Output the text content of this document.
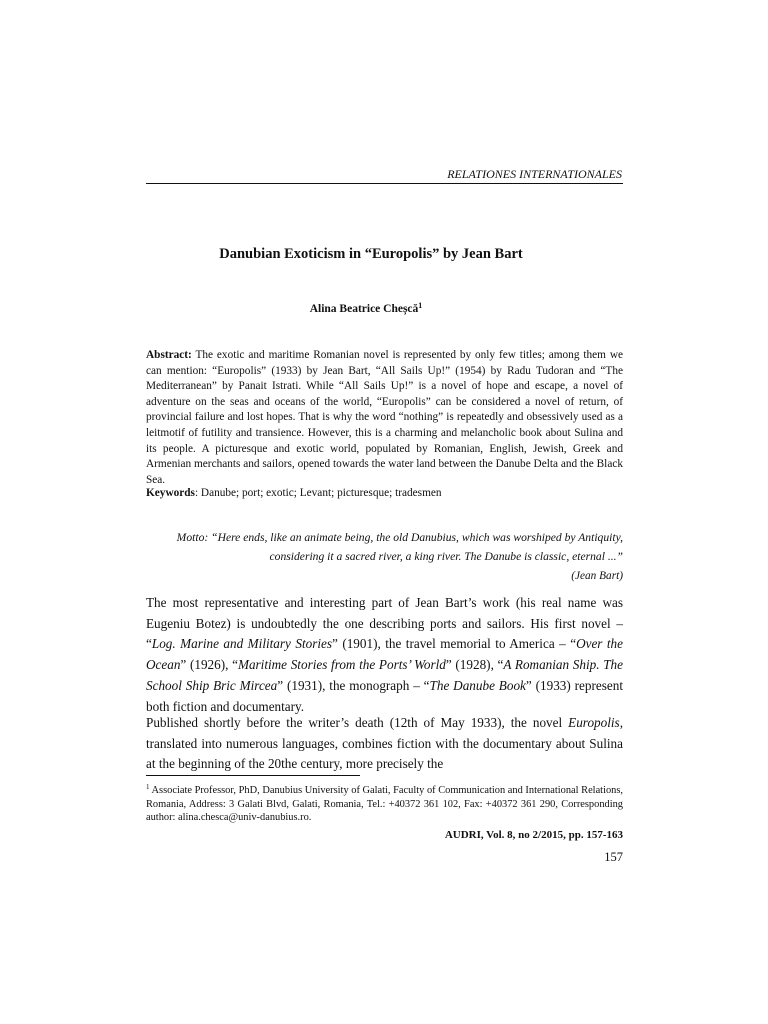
RELATIONES INTERNATIONALES
Danubian Exoticism in “Europolis” by Jean Bart
Alina Beatrice Cheșcă$^1$
Abstract: The exotic and maritime Romanian novel is represented by only few titles; among them we can mention: “Europolis” (1933) by Jean Bart, “All Sails Up!” (1954) by Radu Tudoran and “The Mediterranean” by Panait Istrati. While “All Sails Up!” is a novel of hope and escape, a novel of adventure on the seas and oceans of the world, “Europolis” can be considered a novel of return, of provincial failure and lost hopes. That is why the word “nothing” is repeatedly and obsessively used as a leitmotif of futility and transience. However, this is a charming and melancholic book about Sulina and its people. A picturesque and exotic world, populated by Romanian, English, Jewish, Greek and Armenian merchants and sailors, opened towards the water land between the Danube Delta and the Black Sea.
Keywords: Danube; port; exotic; Levant; picturesque; tradesmen
Motto: “Here ends, like an animate being, the old Danubius, which was worshiped by Antiquity, considering it a sacred river, a king river. The Danube is classic, eternal ...”
(Jean Bart)
The most representative and interesting part of Jean Bart’s work (his real name was Eugeniu Botez) is undoubtedly the one describing ports and sailors. His first novel – “Log. Marine and Military Stories” (1901), the travel memorial to America – “Over the Ocean” (1926), “Maritime Stories from the Ports’ World” (1928), “A Romanian Ship. The School Ship Bric Mircea” (1931), the monograph – “The Danube Book” (1933) represent both fiction and documentary.
Published shortly before the writer’s death (12th of May 1933), the novel Europolis, translated into numerous languages, combines fiction with the documentary about Sulina at the beginning of the 20the century, more precisely the
$^1$ Associate Professor, PhD, Danubius University of Galati, Faculty of Communication and International Relations, Romania, Address: 3 Galati Blvd, Galati, Romania, Tel.: +40372 361 102, Fax: +40372 361 290, Corresponding author: alina.chesca@univ-danubius.ro.
AUDRI, Vol. 8, no 2/2015, pp. 157-163
157
